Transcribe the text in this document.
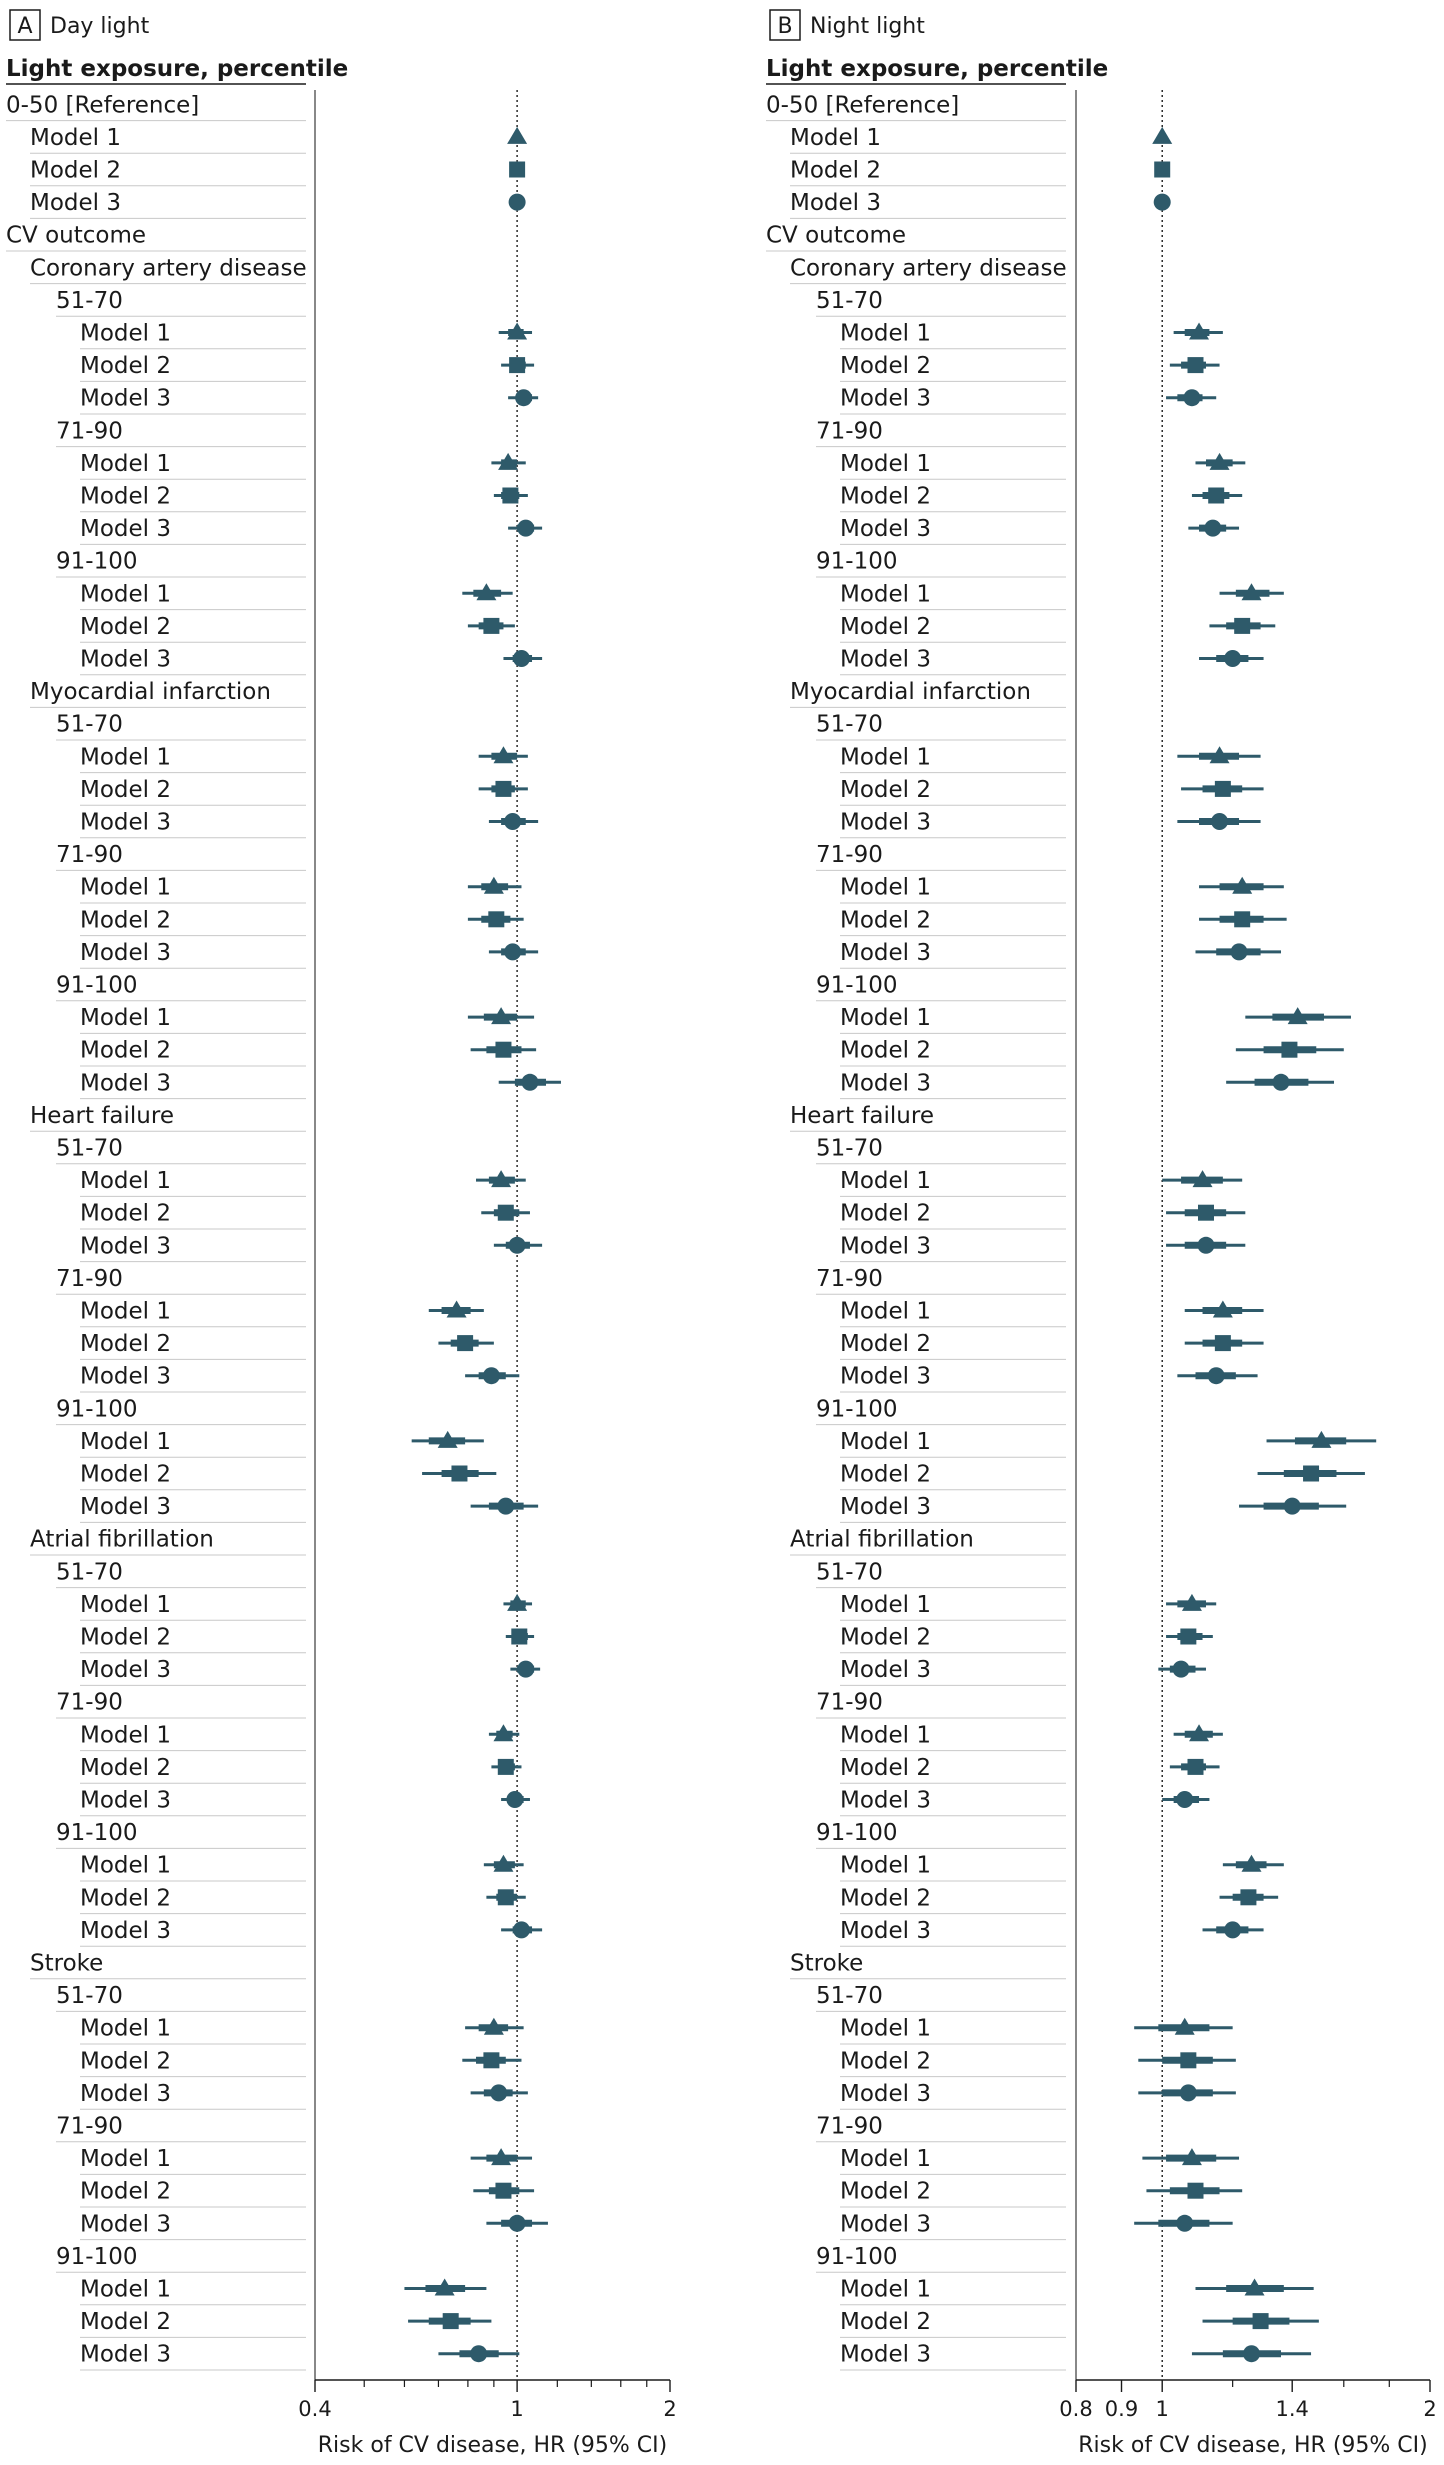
A Day light
Light exposure, percentile
0-50 [Reference]
Model 1
Model 2
Model 3
CV outcome
Coronary artery disease
51-70
Model 1
Model 2
Model 3
71-90
Model 1
Model 2
Model 3
91-100
Model 1
Model 2
Model 3
Myocardial infarction
51-70
Model 1
Model 2
Model 3
71-90
Model 1
Model 2
Model 3
91-100
Model 1
Model 2
Model 3
Heart failure
51-70
Model 1
Model 2
Model 3
71-90
Model 1
Model 2
Model 3
91-100
Model 1
Model 2
Model 3
Atrial fibrillation
51-70
Model 1
Model 2
Model 3
71-90
Model 1
Model 2
Model 3
91-100
Model 1
Model 2
Model 3
Stroke
51-70
Model 1
Model 2
Model 3
71-90
Model 1
Model 2
Model 3
91-100
Model 1
Model 2
Model 3
0.4	1	2
Risk of CV disease, HR (95% CI)
B Night light
Light exposure, percentile
0-50 [Reference]
Model 1
Model 2
Model 3
CV outcome
Coronary artery disease
51-70
Model 1
Model 2
Model 3
71-90
Model 1
Model 2
Model 3
91-100
Model 1
Model 2
Model 3
Myocardial infarction
51-70
Model 1
Model 2
Model 3
71-90
Model 1
Model 2
Model 3
91-100
Model 1
Model 2
Model 3
Heart failure
51-70
Model 1
Model 2
Model 3
71-90
Model 1
Model 2
Model 3
91-100
Model 1
Model 2
Model 3
Atrial fibrillation
51-70
Model 1
Model 2
Model 3
71-90
Model 1
Model 2
Model 3
91-100
Model 1
Model 2
Model 3
Stroke
51-70
Model 1
Model 2
Model 3
71-90
Model 1
Model 2
Model 3
91-100
Model 1
Model 2
Model 3
0.8 0.9 1	1.4	2
Risk of CV disease, HR (95% CI)
